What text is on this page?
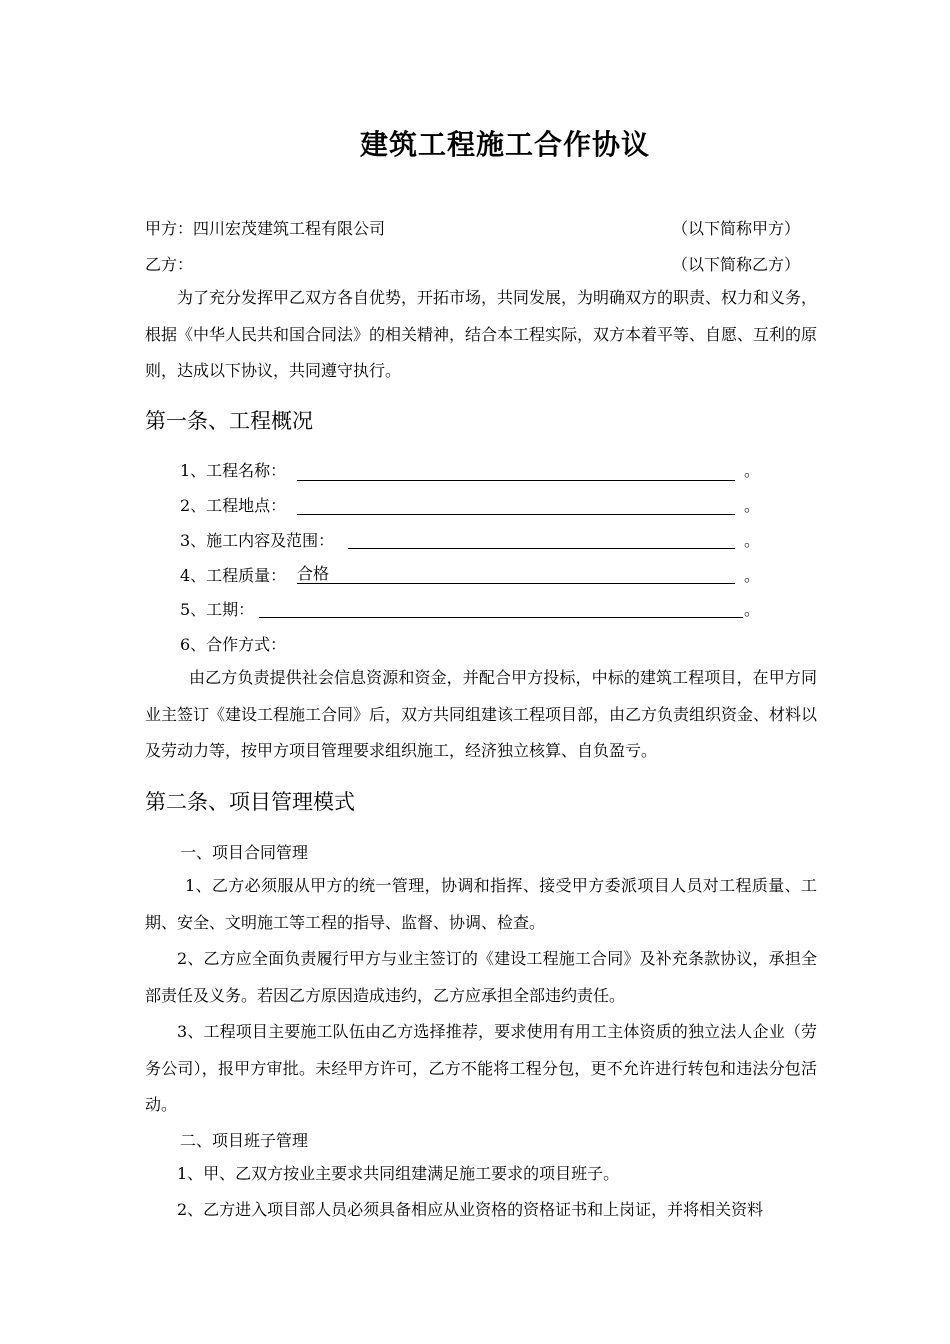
建筑工程施工合作协议
甲方：四川宏茂建筑工程有限公司	（以下简称甲方）
乙方：	（以下简称乙方）
为了充分发挥甲乙双方各自优势，开拓市场，共同发展，为明确双方的职责、权力和义务，根据《中华人民共和国合同法》的相关精神，结合本工程实际，双方本着平等、自愿、互利的原则，达成以下协议，共同遵守执行。
第一条、工程概况
1、工程名称：	。
2、工程地点：	。
3、施工内容及范围：	。
4、工程质量： 合格	。
5、工期：	。
6、合作方式：
由乙方负责提供社会信息资源和资金，并配合甲方投标，中标的建筑工程项目，在甲方同业主签订《建设工程施工合同》后，双方共同组建该工程项目部，由乙方负责组织资金、材料以及劳动力等，按甲方项目管理要求组织施工，经济独立核算、自负盈亏。
第二条、项目管理模式
一、项目合同管理
1、乙方必须服从甲方的统一管理，协调和指挥、接受甲方委派项目人员对工程质量、工期、安全、文明施工等工程的指导、监督、协调、检查。
2、乙方应全面负责履行甲方与业主签订的《建设工程施工合同》及补充条款协议，承担全部责任及义务。若因乙方原因造成违约，乙方应承担全部违约责任。
3、工程项目主要施工队伍由乙方选择推荐，要求使用有用工主体资质的独立法人企业（劳务公司），报甲方审批。未经甲方许可，乙方不能将工程分包，更不允许进行转包和违法分包活动。
二、项目班子管理
1、甲、乙双方按业主要求共同组建满足施工要求的项目班子。
2、乙方进入项目部人员必须具备相应从业资格的资格证书和上岗证，并将相关资料
